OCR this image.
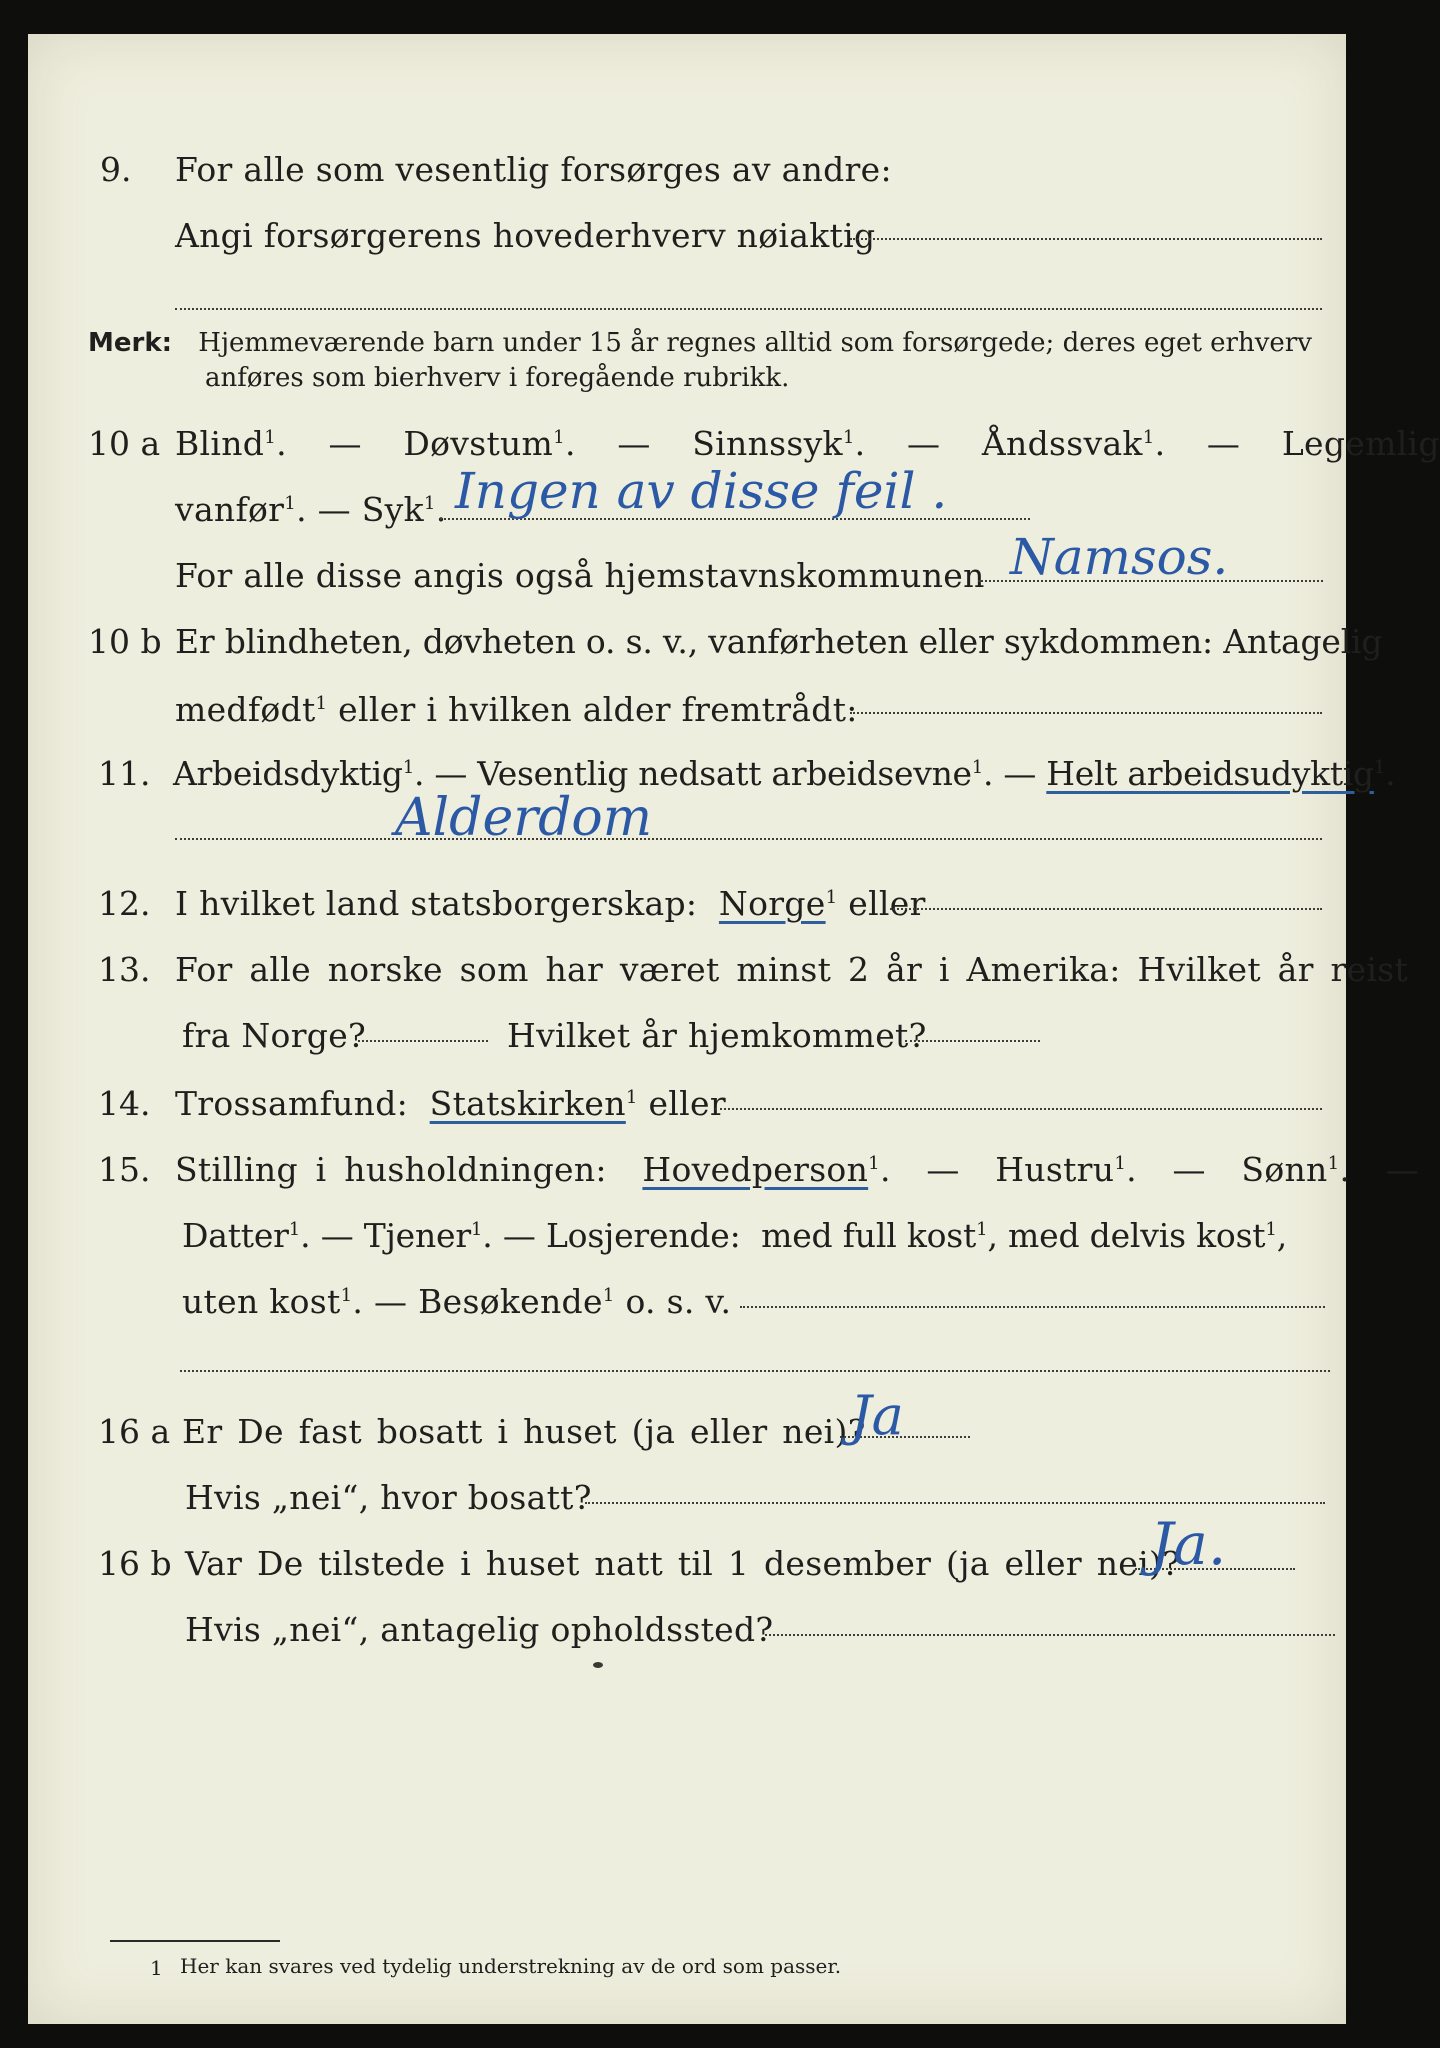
9. For alle som vesentlig forsørges av andre:
Angi forsørgerens hovederhverv nøiaktig
Merk: Hjemmeværende barn under 15 år regnes alltid som forsørgede; deres eget erhverv
anføres som bierhverv i foregående rubrikk.
10 a Blind$^1$.  —  Døvstum$^1$.  —  Sinnssyk$^1$.  —  Åndssvak$^1$.  —  Legemlig
vanfør$^1$. — Syk$^1$. Ingen av disse feil .
For alle disse angis også hjemstavnskommunen Namsos.
10 b Er blindheten, døvheten o. s. v., vanførheten eller sykdommen: Antagelig
medfødt$^1$ eller i hvilken alder fremtrådt:
11. Arbeidsdyktig$^1$. — Vesentlig nedsatt arbeidsevne$^1$. — Helt arbeidsudyktig$^1$.
Alderdom
12. I hvilket land statsborgerskap: Norge$^1$ eller
13. For alle norske som har været minst 2 år i Amerika: Hvilket år reist
fra Norge?	Hvilket år hjemkommet?
14. Trossamfund: Statskirken$^1$ eller
15. Stilling i husholdningen: Hovedperson$^1$.  —  Hustru$^1$.  —  Sønn$^1$.  —
Datter$^1$. — Tjener$^1$. — Losjerende: med full kost$^1$, med delvis kost$^1$,
uten kost$^1$. — Besøkende$^1$ o. s. v.
16 a Er De fast bosatt i huset (ja eller nei)?
Ja
Hvis „nei“, hvor bosatt?
16 b Var De tilstede i huset natt til 1 desember (ja eller nei)?
Ja.
Hvis „nei“, antagelig opholdssted?
1 Her kan svares ved tydelig understrekning av de ord som passer.
